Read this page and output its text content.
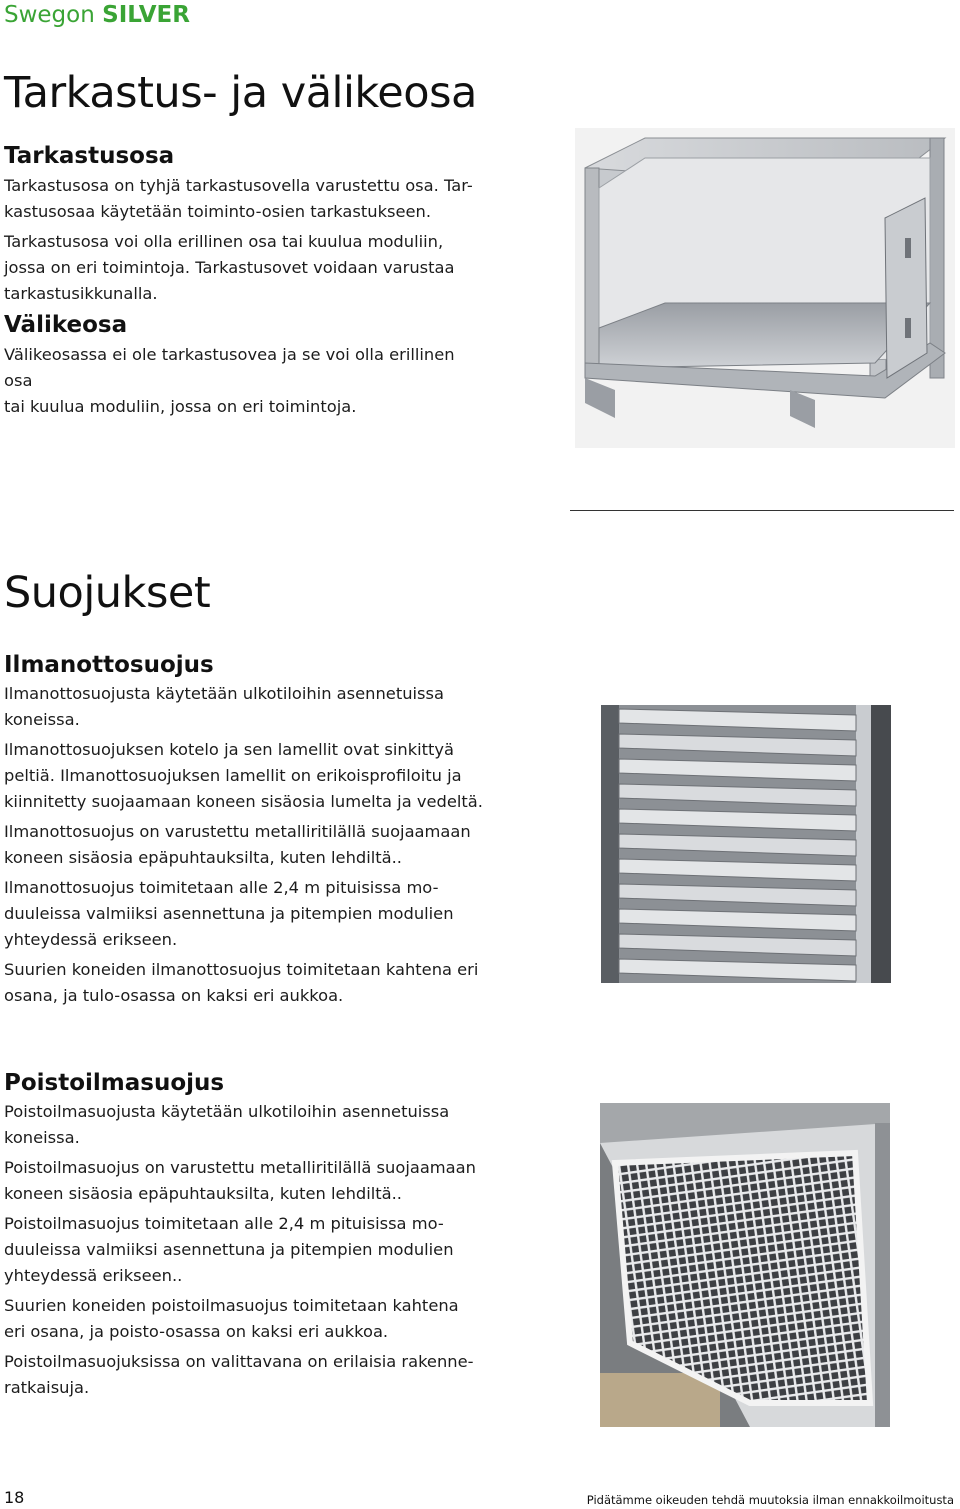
Swegon SILVER
Tarkastus- ja välikeosa
Tarkastusosa

Tarkastusosa on tyhjä tarkastusovella varustettu osa. Tar-
kastusosaa käytetään toiminto-osien tarkastukseen.

Tarkastusosa voi olla erillinen osa tai kuulua moduliin,
jossa on eri toimintoja. Tarkastusovet voidaan varustaa
tarkastusikkunalla.

Välikeosa

Välikeosassa ei ole tarkastusovea ja se voi olla erillinen osa
tai kuulua moduliin, jossa on eri toimintoja.

Suojukset
Ilmanottosuojus

Ilmanottosuojusta käytetään ulkotiloihin asennetuissa
koneissa.

Ilmanottosuojuksen kotelo ja sen lamellit ovat sinkittyä
peltiä. Ilmanottosuojuksen lamellit on erikoisprofiloitu ja
kiinnitetty suojaamaan koneen sisäosia lumelta ja vedeltä.

Ilmanottosuojus on varustettu metalliritilällä suojaamaan
koneen sisäosia epäpuhtauksilta, kuten lehdiltä..

Ilmanottosuojus toimitetaan alle 2,4 m pituisissa mo-
duuleissa valmiiksi asennettuna ja pitempien modulien
yhteydessä erikseen.

Suurien koneiden ilmanottosuojus toimitetaan kahtena eri
osana, ja tulo-osassa on kaksi eri aukkoa.

Poistoilmasuojus

Poistoilmasuojusta käytetään ulkotiloihin asennetuissa
koneissa.

Poistoilmasuojus on varustettu metalliritilällä suojaamaan
koneen sisäosia epäpuhtauksilta, kuten lehdiltä..

Poistoilmasuojus toimitetaan alle 2,4 m pituisissa mo-
duuleissa valmiiksi asennettuna ja pitempien modulien
yhteydessä erikseen..

Suurien koneiden poistoilmasuojus toimitetaan kahtena
eri osana, ja poisto-osassa on kaksi eri aukkoa.

Poistoilmasuojuksissa on valittavana on erilaisia rakenne-
ratkaisuja.

18	Pidätämme oikeuden tehdä muutoksia ilman ennakkoilmoitusta
